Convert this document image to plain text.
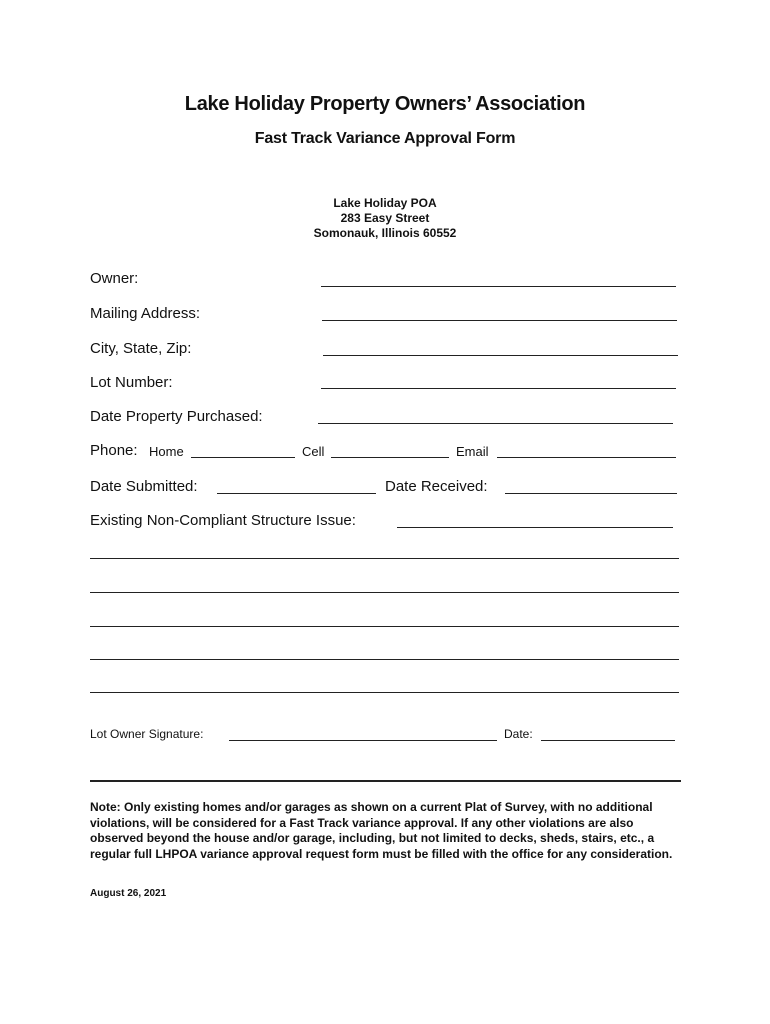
Lake Holiday Property Owners’ Association
Fast Track Variance Approval Form
Lake Holiday POA
283 Easy Street
Somonauk, Illinois 60552
Owner:
Mailing Address:
City, State, Zip:
Lot Number:
Date Property Purchased:
Phone: Home	Cell	Email
Date Submitted:	Date Received:
Existing Non-Compliant Structure Issue:
Lot Owner Signature:	Date:
Note: Only existing homes and/or garages as shown on a current Plat of Survey, with no additional violations, will be considered for a Fast Track variance approval. If any other violations are also observed beyond the house and/or garage, including, but not limited to decks, sheds, stairs, etc., a regular full LHPOA variance approval request form must be filled with the office for any consideration.
August 26, 2021
